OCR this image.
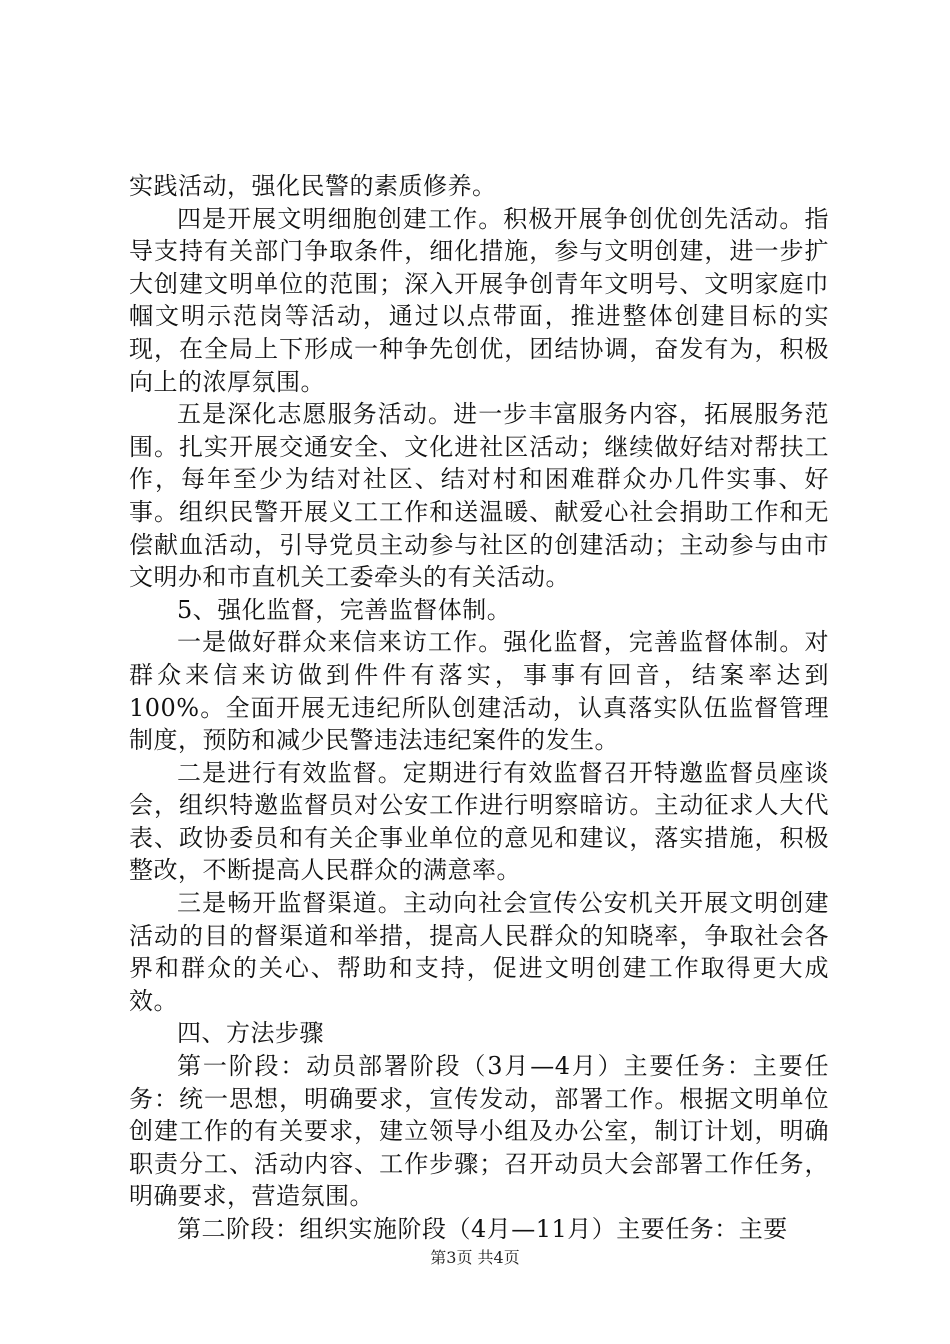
实践活动，强化民警的素质修养。

四是开展文明细胞创建工作。积极开展争创优创先活动。指导支持有关部门争取条件，细化措施，参与文明创建，进一步扩大创建文明单位的范围；深入开展争创青年文明号、文明家庭巾帼文明示范岗等活动，通过以点带面，推进整体创建目标的实现，在全局上下形成一种争先创优，团结协调，奋发有为，积极向上的浓厚氛围。

五是深化志愿服务活动。进一步丰富服务内容，拓展服务范围。扎实开展交通安全、文化进社区活动；继续做好结对帮扶工作，每年至少为结对社区、结对村和困难群众办几件实事、好事。组织民警开展义工工作和送温暖、献爱心社会捐助工作和无偿献血活动，引导党员主动参与社区的创建活动；主动参与由市文明办和市直机关工委牵头的有关活动。

5、强化监督，完善监督体制。

一是做好群众来信来访工作。强化监督，完善监督体制。对群众来信来访做到件件有落实，事事有回音，结案率达到100%。全面开展无违纪所队创建活动，认真落实队伍监督管理制度，预防和减少民警违法违纪案件的发生。

二是进行有效监督。定期进行有效监督召开特邀监督员座谈会，组织特邀监督员对公安工作进行明察暗访。主动征求人大代表、政协委员和有关企事业单位的意见和建议，落实措施，积极整改，不断提高人民群众的满意率。

三是畅开监督渠道。主动向社会宣传公安机关开展文明创建活动的目的督渠道和举措，提高人民群众的知晓率，争取社会各界和群众的关心、帮助和支持，促进文明创建工作取得更大成效。

四、方法步骤

第一阶段：动员部署阶段（3月—4月）主要任务：主要任务：统一思想，明确要求，宣传发动，部署工作。根据文明单位创建工作的有关要求，建立领导小组及办公室，制订计划，明确职责分工、活动内容、工作步骤；召开动员大会部署工作任务，明确要求，营造氛围。

第二阶段：组织实施阶段（4月—11月）主要任务：主要

第3页 共4页
